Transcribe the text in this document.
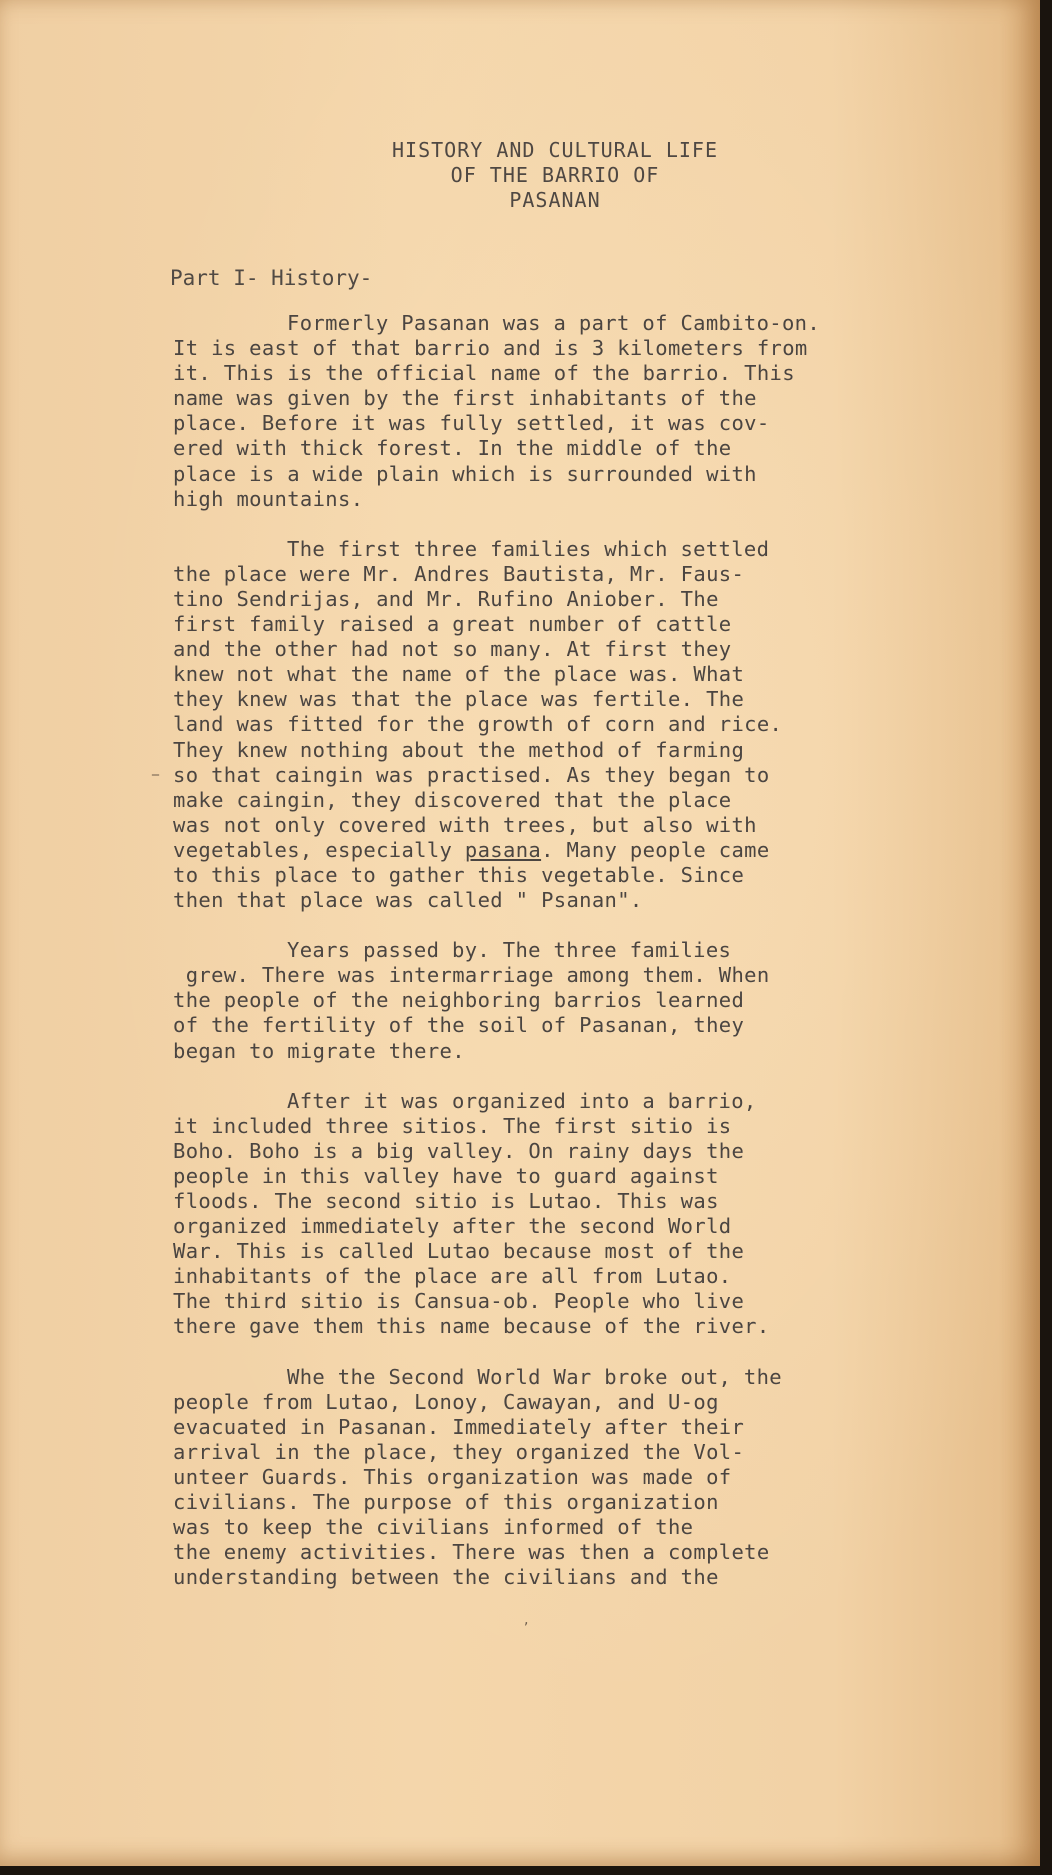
HISTORY AND CULTURAL LIFE
OF THE BARRIO OF
PASANAN
Part I- History-
Formerly Pasanan was a part of Cambito-on.
It is east of that barrio and is 3 kilometers from
it. This is the official name of the barrio. This
name was given by the first inhabitants of the
place. Before it was fully settled, it was cov-
ered with thick forest. In the middle of the
place is a wide plain which is surrounded with
high mountains.
The first three families which settled
the place were Mr. Andres Bautista, Mr. Faus-
tino Sendrijas, and Mr. Rufino Aniober. The
first family raised a great number of cattle
and the other had not so many. At first they
knew not what the name of the place was. What
they knew was that the place was fertile. The
land was fitted for the growth of corn and rice.
They knew nothing about the method of farming
so that caingin was practised. As they began to
make caingin, they discovered that the place
was not only covered with trees, but also with
vegetables, especially pasana. Many people came
to this place to gather this vegetable. Since
then that place was called " Psanan".
Years passed by. The three families
grew. There was intermarriage among them. When
the people of the neighboring barrios learned
of the fertility of the soil of Pasanan, they
began to migrate there.
After it was organized into a barrio,
it included three sitios. The first sitio is
Boho. Boho is a big valley. On rainy days the
people in this valley have to guard against
floods. The second sitio is Lutao. This was
organized immediately after the second World
War. This is called Lutao because most of the
inhabitants of the place are all from Lutao.
The third sitio is Cansua-ob. People who live
there gave them this name because of the river.
Whe the Second World War broke out, the
people from Lutao, Lonoy, Cawayan, and U-og
evacuated in Pasanan. Immediately after their
arrival in the place, they organized the Vol-
unteer Guards. This organization was made of
civilians. The purpose of this organization
was to keep the civilians informed of the
the enemy activities. There was then a complete
understanding between the civilians and the
_
,
